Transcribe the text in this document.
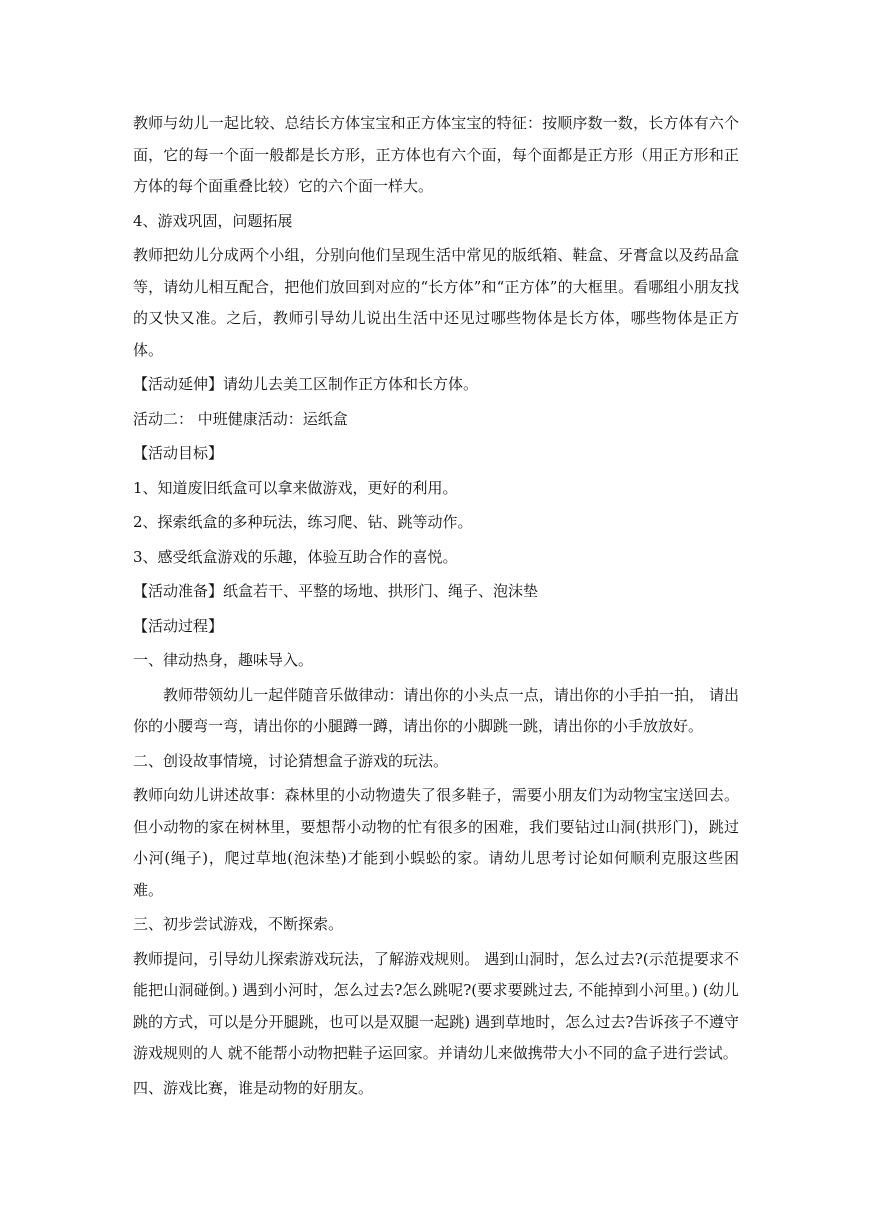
教师与幼儿一起比较、总结长方体宝宝和正方体宝宝的特征：按顺序数一数，长方体有六个面，它的每一个面一般都是长方形，正方体也有六个面，每个面都是正方形（用正方形和正方体的每个面重叠比较）它的六个面一样大。

4、游戏巩固，问题拓展

教师把幼儿分成两个小组，分别向他们呈现生活中常见的版纸箱、鞋盒、牙膏盒以及药品盒等，请幼儿相互配合，把他们放回到对应的“长方体”和“正方体”的大框里。看哪组小朋友找的又快又准。之后，教师引导幼儿说出生活中还见过哪些物体是长方体，哪些物体是正方体。

【活动延伸】请幼儿去美工区制作正方体和长方体。

活动二： 中班健康活动：运纸盒

【活动目标】

1、知道废旧纸盒可以拿来做游戏，更好的利用。

2、探索纸盒的多种玩法，练习爬、钻、跳等动作。

3、感受纸盒游戏的乐趣，体验互助合作的喜悦。

【活动准备】纸盒若干、平整的场地、拱形门、绳子、泡沫垫

【活动过程】

一、律动热身，趣味导入。

教师带领幼儿一起伴随音乐做律动：请出你的小头点一点，请出你的小手拍一拍， 请出你的小腰弯一弯，请出你的小腿蹲一蹲，请出你的小脚跳一跳，请出你的小手放放好。

二、创设故事情境，讨论猜想盒子游戏的玩法。

教师向幼儿讲述故事：森林里的小动物遗失了很多鞋子，需要小朋友们为动物宝宝送回去。但小动物的家在树林里，要想帮小动物的忙有很多的困难，我们要钻过山洞(拱形门)，跳过小河(绳子)，爬过草地(泡沫垫)才能到小蜈蚣的家。请幼儿思考讨论如何顺利克服这些困难。

三、初步尝试游戏，不断探索。

教师提问，引导幼儿探索游戏玩法，了解游戏规则。 遇到山洞时，怎么过去?(示范提要求不能把山洞碰倒。) 遇到小河时，怎么过去?怎么跳呢?(要求要跳过去, 不能掉到小河里。) (幼儿跳的方式，可以是分开腿跳，也可以是双腿一起跳) 遇到草地时，怎么过去?告诉孩子不遵守游戏规则的人 就不能帮小动物把鞋子运回家。并请幼儿来做携带大小不同的盒子进行尝试。

四、游戏比赛，谁是动物的好朋友。
